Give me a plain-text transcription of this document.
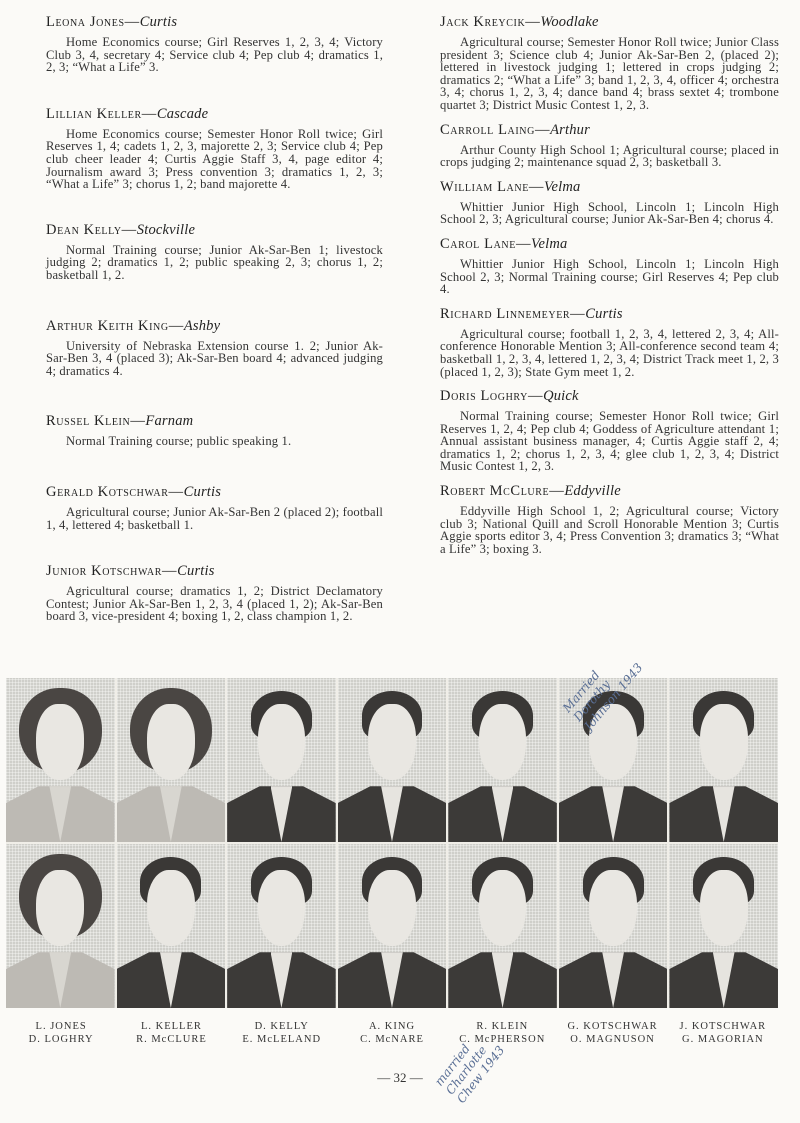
Leona Jones—Curtis
Home Economics course; Girl Reserves 1, 2, 3, 4; Victory Club 3, 4, secretary 4; Service club 4; Pep club 4; dramatics 1, 2, 3; “What a Life” 3.
Lillian Keller—Cascade
Home Economics course; Semester Honor Roll twice; Girl Reserves 1, 4; cadets 1, 2, 3, majorette 2, 3; Service club 4; Pep club cheer leader 4; Curtis Aggie Staff 3, 4, page editor 4; Journalism award 3; Press convention 3; dramatics 1, 2, 3; “What a Life” 3; chorus 1, 2; band majorette 4.
Dean Kelly—Stockville
Normal Training course; Junior Ak-Sar-Ben 1; livestock judging 2; dramatics 1, 2; public speaking 2, 3; chorus 1, 2; basketball 1, 2.
Arthur Keith King—Ashby
University of Nebraska Extension course 1. 2; Junior Ak-Sar-Ben 3, 4 (placed 3); Ak-Sar-Ben board 4; advanced judging 4; dramatics 4.
Russel Klein—Farnam
Normal Training course; public speaking 1.
Gerald Kotschwar—Curtis
Agricultural course; Junior Ak-Sar-Ben 2 (placed 2); football 1, 4, lettered 4; basketball 1.
Junior Kotschwar—Curtis
Agricultural course; dramatics 1, 2; District Declamatory Contest; Junior Ak-Sar-Ben 1, 2, 3, 4 (placed 1, 2); Ak-Sar-Ben board 3, vice-president 4; boxing 1, 2, class champion 1, 2.
Jack Kreycik—Woodlake
Agricultural course; Semester Honor Roll twice; Junior Class president 3; Science club 4; Junior Ak-Sar-Ben 2, (placed 2); lettered in livestock judging 1; lettered in crops judging 2; dramatics 2; “What a Life” 3; band 1, 2, 3, 4, officer 4; orchestra 3, 4; chorus 1, 2, 3, 4; dance band 4; brass sextet 4; trombone quartet 3; District Music Contest 1, 2, 3.
Carroll Laing—Arthur
Arthur County High School 1; Agricultural course; placed in crops judging 2; maintenance squad 2, 3; basketball 3.
William Lane—Velma
Whittier Junior High School, Lincoln 1; Lincoln High School 2, 3; Agricultural course; Junior Ak-Sar-Ben 4; chorus 4.
Carol Lane—Velma
Whittier Junior High School, Lincoln 1; Lincoln High School 2, 3; Normal Training course; Girl Reserves 4; Pep club 4.
Richard Linnemeyer—Curtis
Agricultural course; football 1, 2, 3, 4, lettered 2, 3, 4; All-conference Honorable Mention 3; All-conference second team 4; basketball 1, 2, 3, 4, lettered 1, 2, 3, 4; District Track meet 1, 2, 3 (placed 1, 2, 3); State Gym meet 1, 2.
Doris Loghry—Quick
Normal Training course; Semester Honor Roll twice; Girl Reserves 1, 2, 4; Pep club 4; Goddess of Agriculture attendant 1; Annual assistant business manager, 4; Curtis Aggie staff 2, 4; dramatics 1, 2; chorus 1, 2, 3, 4; glee club 1, 2, 3, 4; District Music Contest 1, 2, 3.
Robert McClure—Eddyville
Eddyville High School 1, 2; Agricultural course; Victory club 3; National Quill and Scroll Honorable Mention 3; Curtis Aggie sports editor 3, 4; Press Convention 3; dramatics 3; “What a Life” 3; boxing 3.
L. JONES
D. LOGHRY
L. KELLER
R. McCLURE
D. KELLY
E. McLELAND
A. KING
C. McNARE
R. KLEIN
C. McPHERSON
G. KOTSCHWAR
O. MAGNUSON
J. KOTSCHWAR
G. MAGORIAN
Married Dorothy Johnson 1943
married Charlotte Chew 1943
— 32 —
